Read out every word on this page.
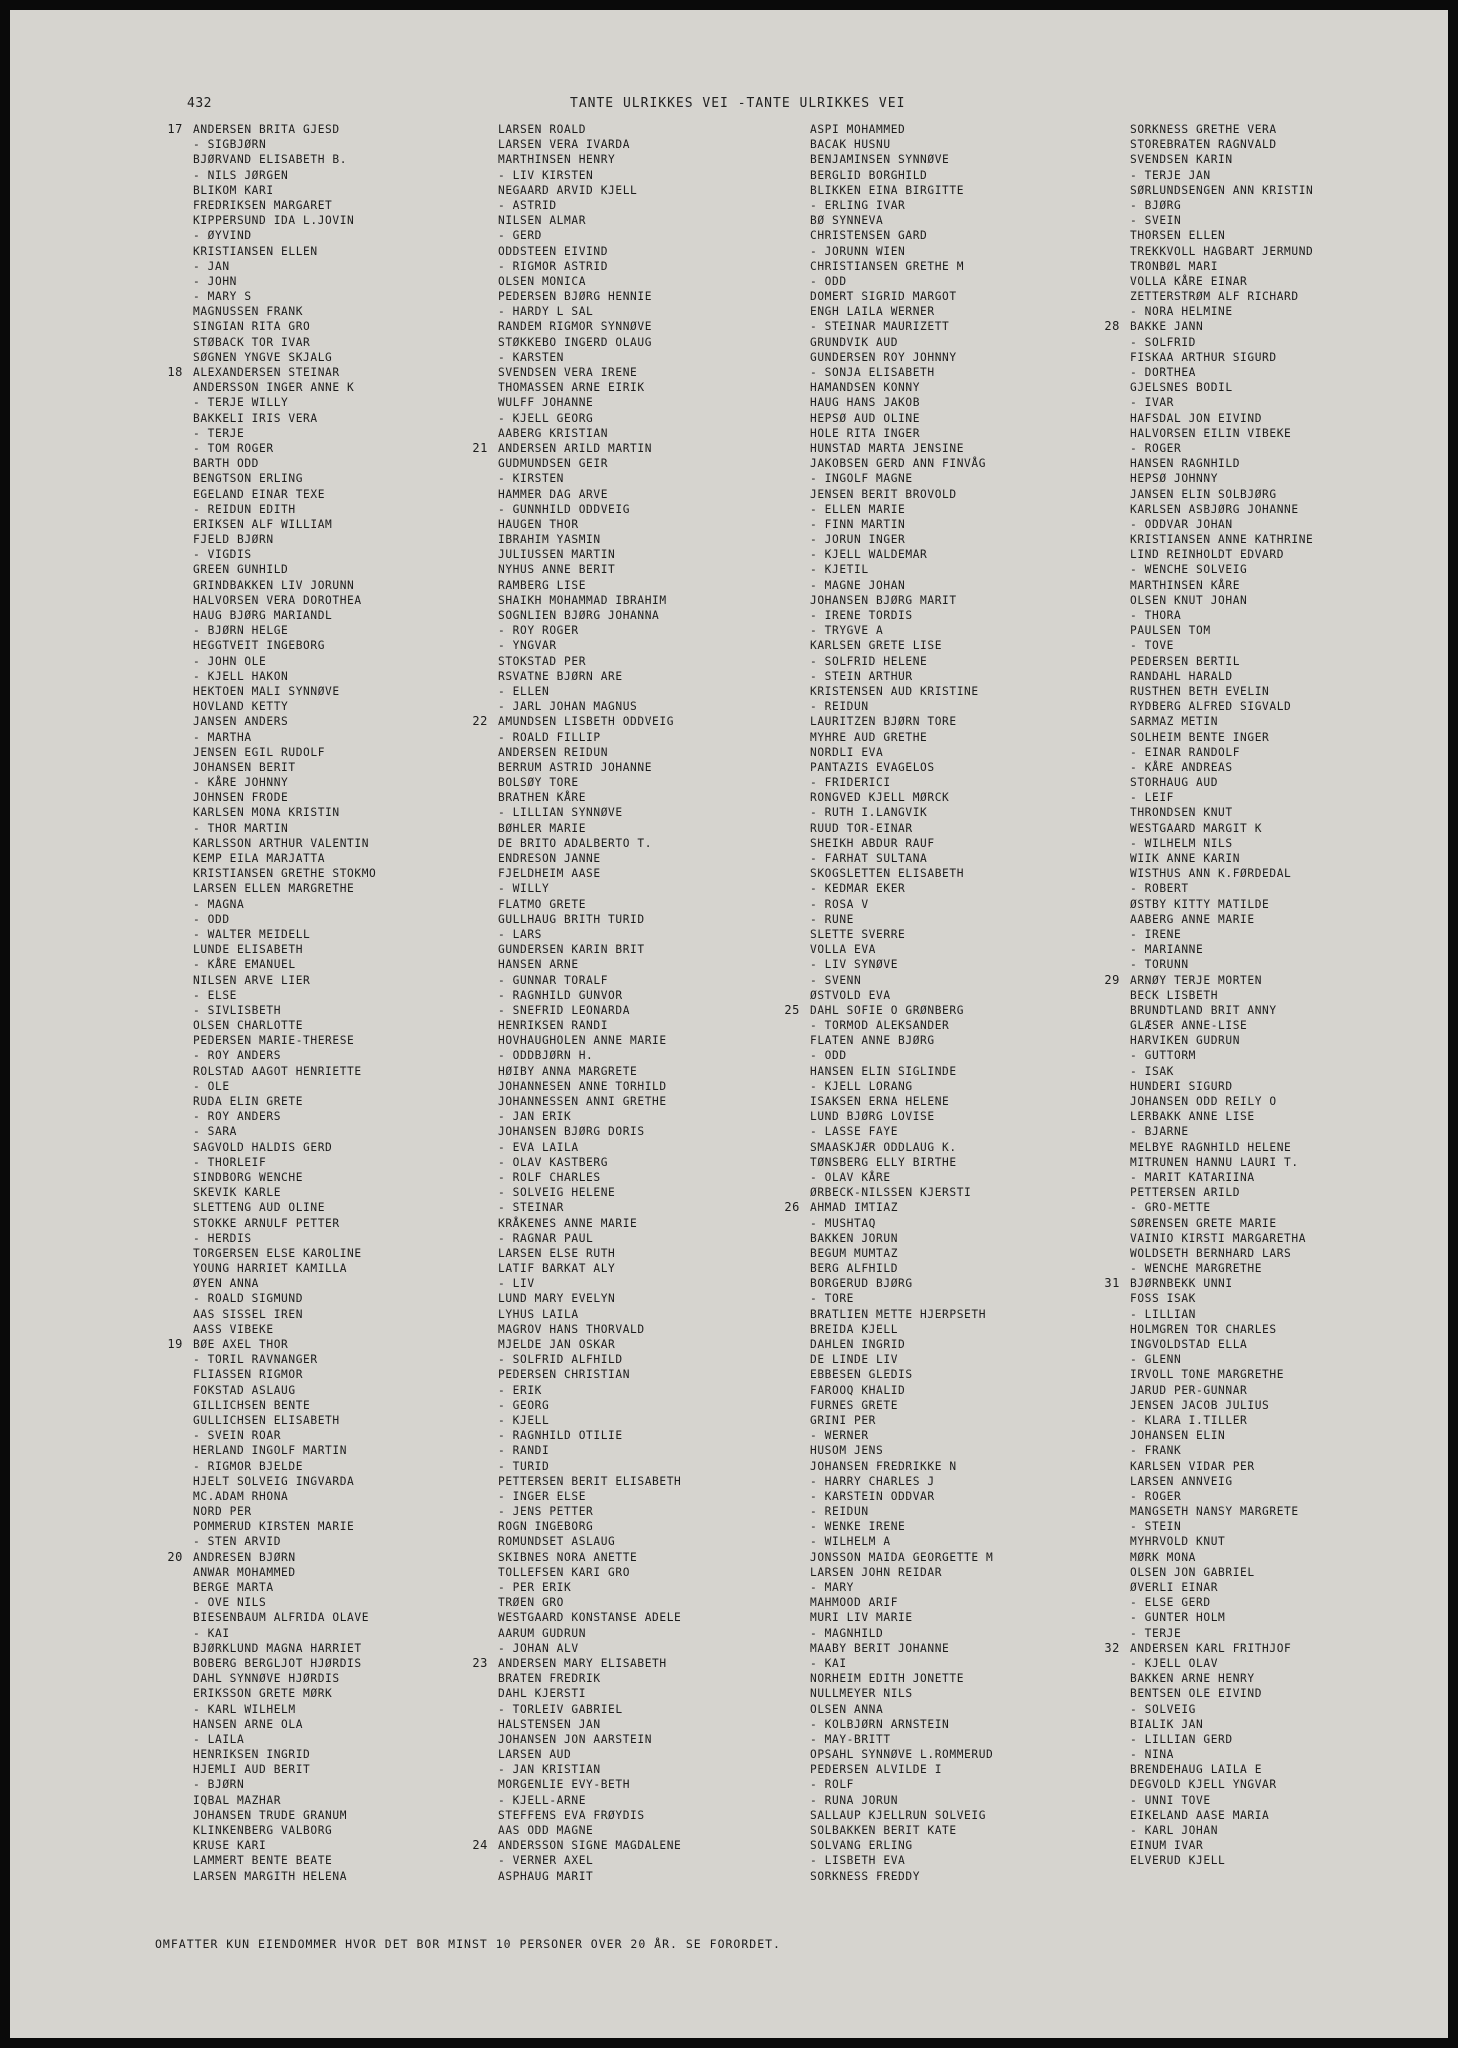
432	TANTE ULRIKKES VEI -TANTE ULRIKKES VEI
17 ANDERSEN BRITA GJESD
- SIGBJØRN
BJØRVAND ELISABETH B.
- NILS JØRGEN
BLIKOM KARI
FREDRIKSEN MARGARET
KIPPERSUND IDA L.JOVIN
- ØYVIND
KRISTIANSEN ELLEN
- JAN
- JOHN
- MARY S
MAGNUSSEN FRANK
SINGIAN RITA GRO
STØBACK TOR IVAR
SØGNEN YNGVE SKJALG
18 ALEXANDERSEN STEINAR
ANDERSSON INGER ANNE K
- TERJE WILLY
BAKKELI IRIS VERA
- TERJE
- TOM ROGER
BARTH ODD
BENGTSON ERLING
EGELAND EINAR TEXE
- REIDUN EDITH
ERIKSEN ALF WILLIAM
FJELD BJØRN
- VIGDIS
GREEN GUNHILD
GRINDBAKKEN LIV JORUNN
HALVORSEN VERA DOROTHEA
HAUG BJØRG MARIANDL
- BJØRN HELGE
HEGGTVEIT INGEBORG
- JOHN OLE
- KJELL HAKON
HEKTOEN MALI SYNNØVE
HOVLAND KETTY
JANSEN ANDERS
- MARTHA
JENSEN EGIL RUDOLF
JOHANSEN BERIT
- KÅRE JOHNNY
JOHNSEN FRODE
KARLSEN MONA KRISTIN
- THOR MARTIN
KARLSSON ARTHUR VALENTIN
KEMP EILA MARJATTA
KRISTIANSEN GRETHE STOKMO
LARSEN ELLEN MARGRETHE
- MAGNA
- ODD
- WALTER MEIDELL
LUNDE ELISABETH
- KÅRE EMANUEL
NILSEN ARVE LIER
- ELSE
- SIVLISBETH
OLSEN CHARLOTTE
PEDERSEN MARIE-THERESE
- ROY ANDERS
ROLSTAD AAGOT HENRIETTE
- OLE
RUDA ELIN GRETE
- ROY ANDERS
- SARA
SAGVOLD HALDIS GERD
- THORLEIF
SINDBORG WENCHE
SKEVIK KARLE
SLETTENG AUD OLINE
STOKKE ARNULF PETTER
- HERDIS
TORGERSEN ELSE KAROLINE
YOUNG HARRIET KAMILLA
ØYEN ANNA
- ROALD SIGMUND
AAS SISSEL IREN
AASS VIBEKE
19 BØE AXEL THOR
- TORIL RAVNANGER
FLIASSEN RIGMOR
FOKSTAD ASLAUG
GILLICHSEN BENTE
GULLICHSEN ELISABETH
- SVEIN ROAR
HERLAND INGOLF MARTIN
- RIGMOR BJELDE
HJELT SOLVEIG INGVARDA
MC.ADAM RHONA
NORD PER
POMMERUD KIRSTEN MARIE
- STEN ARVID
20 ANDRESEN BJØRN
ANWAR MOHAMMED
BERGE MARTA
- OVE NILS
BIESENBAUM ALFRIDA OLAVE
- KAI
BJØRKLUND MAGNA HARRIET
BOBERG BERGLJOT HJØRDIS
DAHL SYNNØVE HJØRDIS
ERIKSSON GRETE MØRK
- KARL WILHELM
HANSEN ARNE OLA
- LAILA
HENRIKSEN INGRID
HJEMLI AUD BERIT
- BJØRN
IQBAL MAZHAR
JOHANSEN TRUDE GRANUM
KLINKENBERG VALBORG
KRUSE KARI
LAMMERT BENTE BEATE
LARSEN MARGITH HELENA
LARSEN ROALD
LARSEN VERA IVARDA
MARTHINSEN HENRY
- LIV KIRSTEN
NEGAARD ARVID KJELL
- ASTRID
NILSEN ALMAR
- GERD
ODDSTEEN EIVIND
- RIGMOR ASTRID
OLSEN MONICA
PEDERSEN BJØRG HENNIE
- HARDY L SAL
RANDEM RIGMOR SYNNØVE
STØKKEBO INGERD OLAUG
- KARSTEN
SVENDSEN VERA IRENE
THOMASSEN ARNE EIRIK
WULFF JOHANNE
- KJELL GEORG
AABERG KRISTIAN
21 ANDERSEN ARILD MARTIN
GUDMUNDSEN GEIR
- KIRSTEN
HAMMER DAG ARVE
- GUNNHILD ODDVEIG
HAUGEN THOR
IBRAHIM YASMIN
JULIUSSEN MARTIN
NYHUS ANNE BERIT
RAMBERG LISE
SHAIKH MOHAMMAD IBRAHIM
SOGNLIEN BJØRG JOHANNA
- ROY ROGER
- YNGVAR
STOKSTAD PER
RSVATNE BJØRN ARE
- ELLEN
- JARL JOHAN MAGNUS
22 AMUNDSEN LISBETH ODDVEIG
- ROALD FILLIP
ANDERSEN REIDUN
BERRUM ASTRID JOHANNE
BOLSØY TORE
BRATHEN KÅRE
- LILLIAN SYNNØVE
BØHLER MARIE
DE BRITO ADALBERTO T.
ENDRESON JANNE
FJELDHEIM AASE
- WILLY
FLATMO GRETE
GULLHAUG BRITH TURID
- LARS
GUNDERSEN KARIN BRIT
HANSEN ARNE
- GUNNAR TORALF
- RAGNHILD GUNVOR
- SNEFRID LEONARDA
HENRIKSEN RANDI
HOVHAUGHOLEN ANNE MARIE
- ODDBJØRN H.
HØIBY ANNA MARGRETE
JOHANNESEN ANNE TORHILD
JOHANNESSEN ANNI GRETHE
- JAN ERIK
JOHANSEN BJØRG DORIS
- EVA LAILA
- OLAV KASTBERG
- ROLF CHARLES
- SOLVEIG HELENE
- STEINAR
KRÅKENES ANNE MARIE
- RAGNAR PAUL
LARSEN ELSE RUTH
LATIF BARKAT ALY
- LIV
LUND MARY EVELYN
LYHUS LAILA
MAGROV HANS THORVALD
MJELDE JAN OSKAR
- SOLFRID ALFHILD
PEDERSEN CHRISTIAN
- ERIK
- GEORG
- KJELL
- RAGNHILD OTILIE
- RANDI
- TURID
PETTERSEN BERIT ELISABETH
- INGER ELSE
- JENS PETTER
ROGN INGEBORG
ROMUNDSET ASLAUG
SKIBNES NORA ANETTE
TOLLEFSEN KARI GRO
- PER ERIK
TRØEN GRO
WESTGAARD KONSTANSE ADELE
AARUM GUDRUN
- JOHAN ALV
23 ANDERSEN MARY ELISABETH
BRATEN FREDRIK
DAHL KJERSTI
- TORLEIV GABRIEL
HALSTENSEN JAN
JOHANSEN JON AARSTEIN
LARSEN AUD
- JAN KRISTIAN
MORGENLIE EVY-BETH
- KJELL-ARNE
STEFFENS EVA FRØYDIS
AAS ODD MAGNE
24 ANDERSSON SIGNE MAGDALENE
- VERNER AXEL
ASPHAUG MARIT
ASPI MOHAMMED
BACAK HUSNU
BENJAMINSEN SYNNØVE
BERGLID BORGHILD
BLIKKEN EINA BIRGITTE
- ERLING IVAR
BØ SYNNEVA
CHRISTENSEN GARD
- JORUNN WIEN
CHRISTIANSEN GRETHE M
- ODD
DOMERT SIGRID MARGOT
ENGH LAILA WERNER
- STEINAR MAURIZETT
GRUNDVIK AUD
GUNDERSEN ROY JOHNNY
- SONJA ELISABETH
HAMANDSEN KONNY
HAUG HANS JAKOB
HEPSØ AUD OLINE
HOLE RITA INGER
HUNSTAD MARTA JENSINE
JAKOBSEN GERD ANN FINVÅG
- INGOLF MAGNE
JENSEN BERIT BROVOLD
- ELLEN MARIE
- FINN MARTIN
- JORUN INGER
- KJELL WALDEMAR
- KJETIL
- MAGNE JOHAN
JOHANSEN BJØRG MARIT
- IRENE TORDIS
- TRYGVE A
KARLSEN GRETE LISE
- SOLFRID HELENE
- STEIN ARTHUR
KRISTENSEN AUD KRISTINE
- REIDUN
LAURITZEN BJØRN TORE
MYHRE AUD GRETHE
NORDLI EVA
PANTAZIS EVAGELOS
- FRIDERICI
RONGVED KJELL MØRCK
- RUTH I.LANGVIK
RUUD TOR-EINAR
SHEIKH ABDUR RAUF
- FARHAT SULTANA
SKOGSLETTEN ELISABETH
- KEDMAR EKER
- ROSA V
- RUNE
SLETTE SVERRE
VOLLA EVA
- LIV SYNØVE
- SVENN
ØSTVOLD EVA
25 DAHL SOFIE O GRØNBERG
- TORMOD ALEKSANDER
FLATEN ANNE BJØRG
- ODD
HANSEN ELIN SIGLINDE
- KJELL LORANG
ISAKSEN ERNA HELENE
LUND BJØRG LOVISE
- LASSE FAYE
SMAASKJÆR ODDLAUG K.
TØNSBERG ELLY BIRTHE
- OLAV KÅRE
ØRBECK-NILSSEN KJERSTI
26 AHMAD IMTIAZ
- MUSHTAQ
BAKKEN JORUN
BEGUM MUMTAZ
BERG ALFHILD
BORGERUD BJØRG
- TORE
BRATLIEN METTE HJERPSETH
BREIDA KJELL
DAHLEN INGRID
DE LINDE LIV
EBBESEN GLEDIS
FAROOQ KHALID
FURNES GRETE
GRINI PER
- WERNER
HUSOM JENS
JOHANSEN FREDRIKKE N
- HARRY CHARLES J
- KARSTEIN ODDVAR
- REIDUN
- WENKE IRENE
- WILHELM A
JONSSON MAIDA GEORGETTE M
LARSEN JOHN REIDAR
- MARY
MAHMOOD ARIF
MURI LIV MARIE
- MAGNHILD
MAABY BERIT JOHANNE
- KAI
NORHEIM EDITH JONETTE
NULLMEYER NILS
OLSEN ANNA
- KOLBJØRN ARNSTEIN
- MAY-BRITT
OPSAHL SYNNØVE L.ROMMERUD
PEDERSEN ALVILDE I
- ROLF
- RUNA JORUN
SALLAUP KJELLRUN SOLVEIG
SOLBAKKEN BERIT KATE
SOLVANG ERLING
- LISBETH EVA
SORKNESS FREDDY
SORKNESS GRETHE VERA
STOREBRATEN RAGNVALD
SVENDSEN KARIN
- TERJE JAN
SØRLUNDSENGEN ANN KRISTIN
- BJØRG
- SVEIN
THORSEN ELLEN
TREKKVOLL HAGBART JERMUND
TRONBØL MARI
VOLLA KÅRE EINAR
ZETTERSTRØM ALF RICHARD
- NORA HELMINE
28 BAKKE JANN
- SOLFRID
FISKAA ARTHUR SIGURD
- DORTHEA
GJELSNES BODIL
- IVAR
HAFSDAL JON EIVIND
HALVORSEN EILIN VIBEKE
- ROGER
HANSEN RAGNHILD
HEPSØ JOHNNY
JANSEN ELIN SOLBJØRG
KARLSEN ASBJØRG JOHANNE
- ODDVAR JOHAN
KRISTIANSEN ANNE KATHRINE
LIND REINHOLDT EDVARD
- WENCHE SOLVEIG
MARTHINSEN KÅRE
OLSEN KNUT JOHAN
- THORA
PAULSEN TOM
- TOVE
PEDERSEN BERTIL
RANDAHL HARALD
RUSTHEN BETH EVELIN
RYDBERG ALFRED SIGVALD
SARMAZ METIN
SOLHEIM BENTE INGER
- EINAR RANDOLF
- KÅRE ANDREAS
STORHAUG AUD
- LEIF
THRONDSEN KNUT
WESTGAARD MARGIT K
- WILHELM NILS
WIIK ANNE KARIN
WISTHUS ANN K.FØRDEDAL
- ROBERT
ØSTBY KITTY MATILDE
AABERG ANNE MARIE
- IRENE
- MARIANNE
- TORUNN
29 ARNØY TERJE MORTEN
BECK LISBETH
BRUNDTLAND BRIT ANNY
GLÆSER ANNE-LISE
HARVIKEN GUDRUN
- GUTTORM
- ISAK
HUNDERI SIGURD
JOHANSEN ODD REILY O
LERBAKK ANNE LISE
- BJARNE
MELBYE RAGNHILD HELENE
MITRUNEN HANNU LAURI T.
- MARIT KATARIINA
PETTERSEN ARILD
- GRO-METTE
SØRENSEN GRETE MARIE
VAINIO KIRSTI MARGARETHA
WOLDSETH BERNHARD LARS
- WENCHE MARGRETHE
31 BJØRNBEKK UNNI
FOSS ISAK
- LILLIAN
HOLMGREN TOR CHARLES
INGVOLDSTAD ELLA
- GLENN
IRVOLL TONE MARGRETHE
JARUD PER-GUNNAR
JENSEN JACOB JULIUS
- KLARA I.TILLER
JOHANSEN ELIN
- FRANK
KARLSEN VIDAR PER
LARSEN ANNVEIG
- ROGER
MANGSETH NANSY MARGRETE
- STEIN
MYHRVOLD KNUT
MØRK MONA
OLSEN JON GABRIEL
ØVERLI EINAR
- ELSE GERD
- GUNTER HOLM
- TERJE
32 ANDERSEN KARL FRITHJOF
- KJELL OLAV
BAKKEN ARNE HENRY
BENTSEN OLE EIVIND
- SOLVEIG
BIALIK JAN
- LILLIAN GERD
- NINA
BRENDEHAUG LAILA E
DEGVOLD KJELL YNGVAR
- UNNI TOVE
EIKELAND AASE MARIA
- KARL JOHAN
EINUM IVAR
ELVERUD KJELL
OMFATTER KUN EIENDOMMER HVOR DET BOR MINST 10 PERSONER OVER 20 ÅR. SE FORORDET.
